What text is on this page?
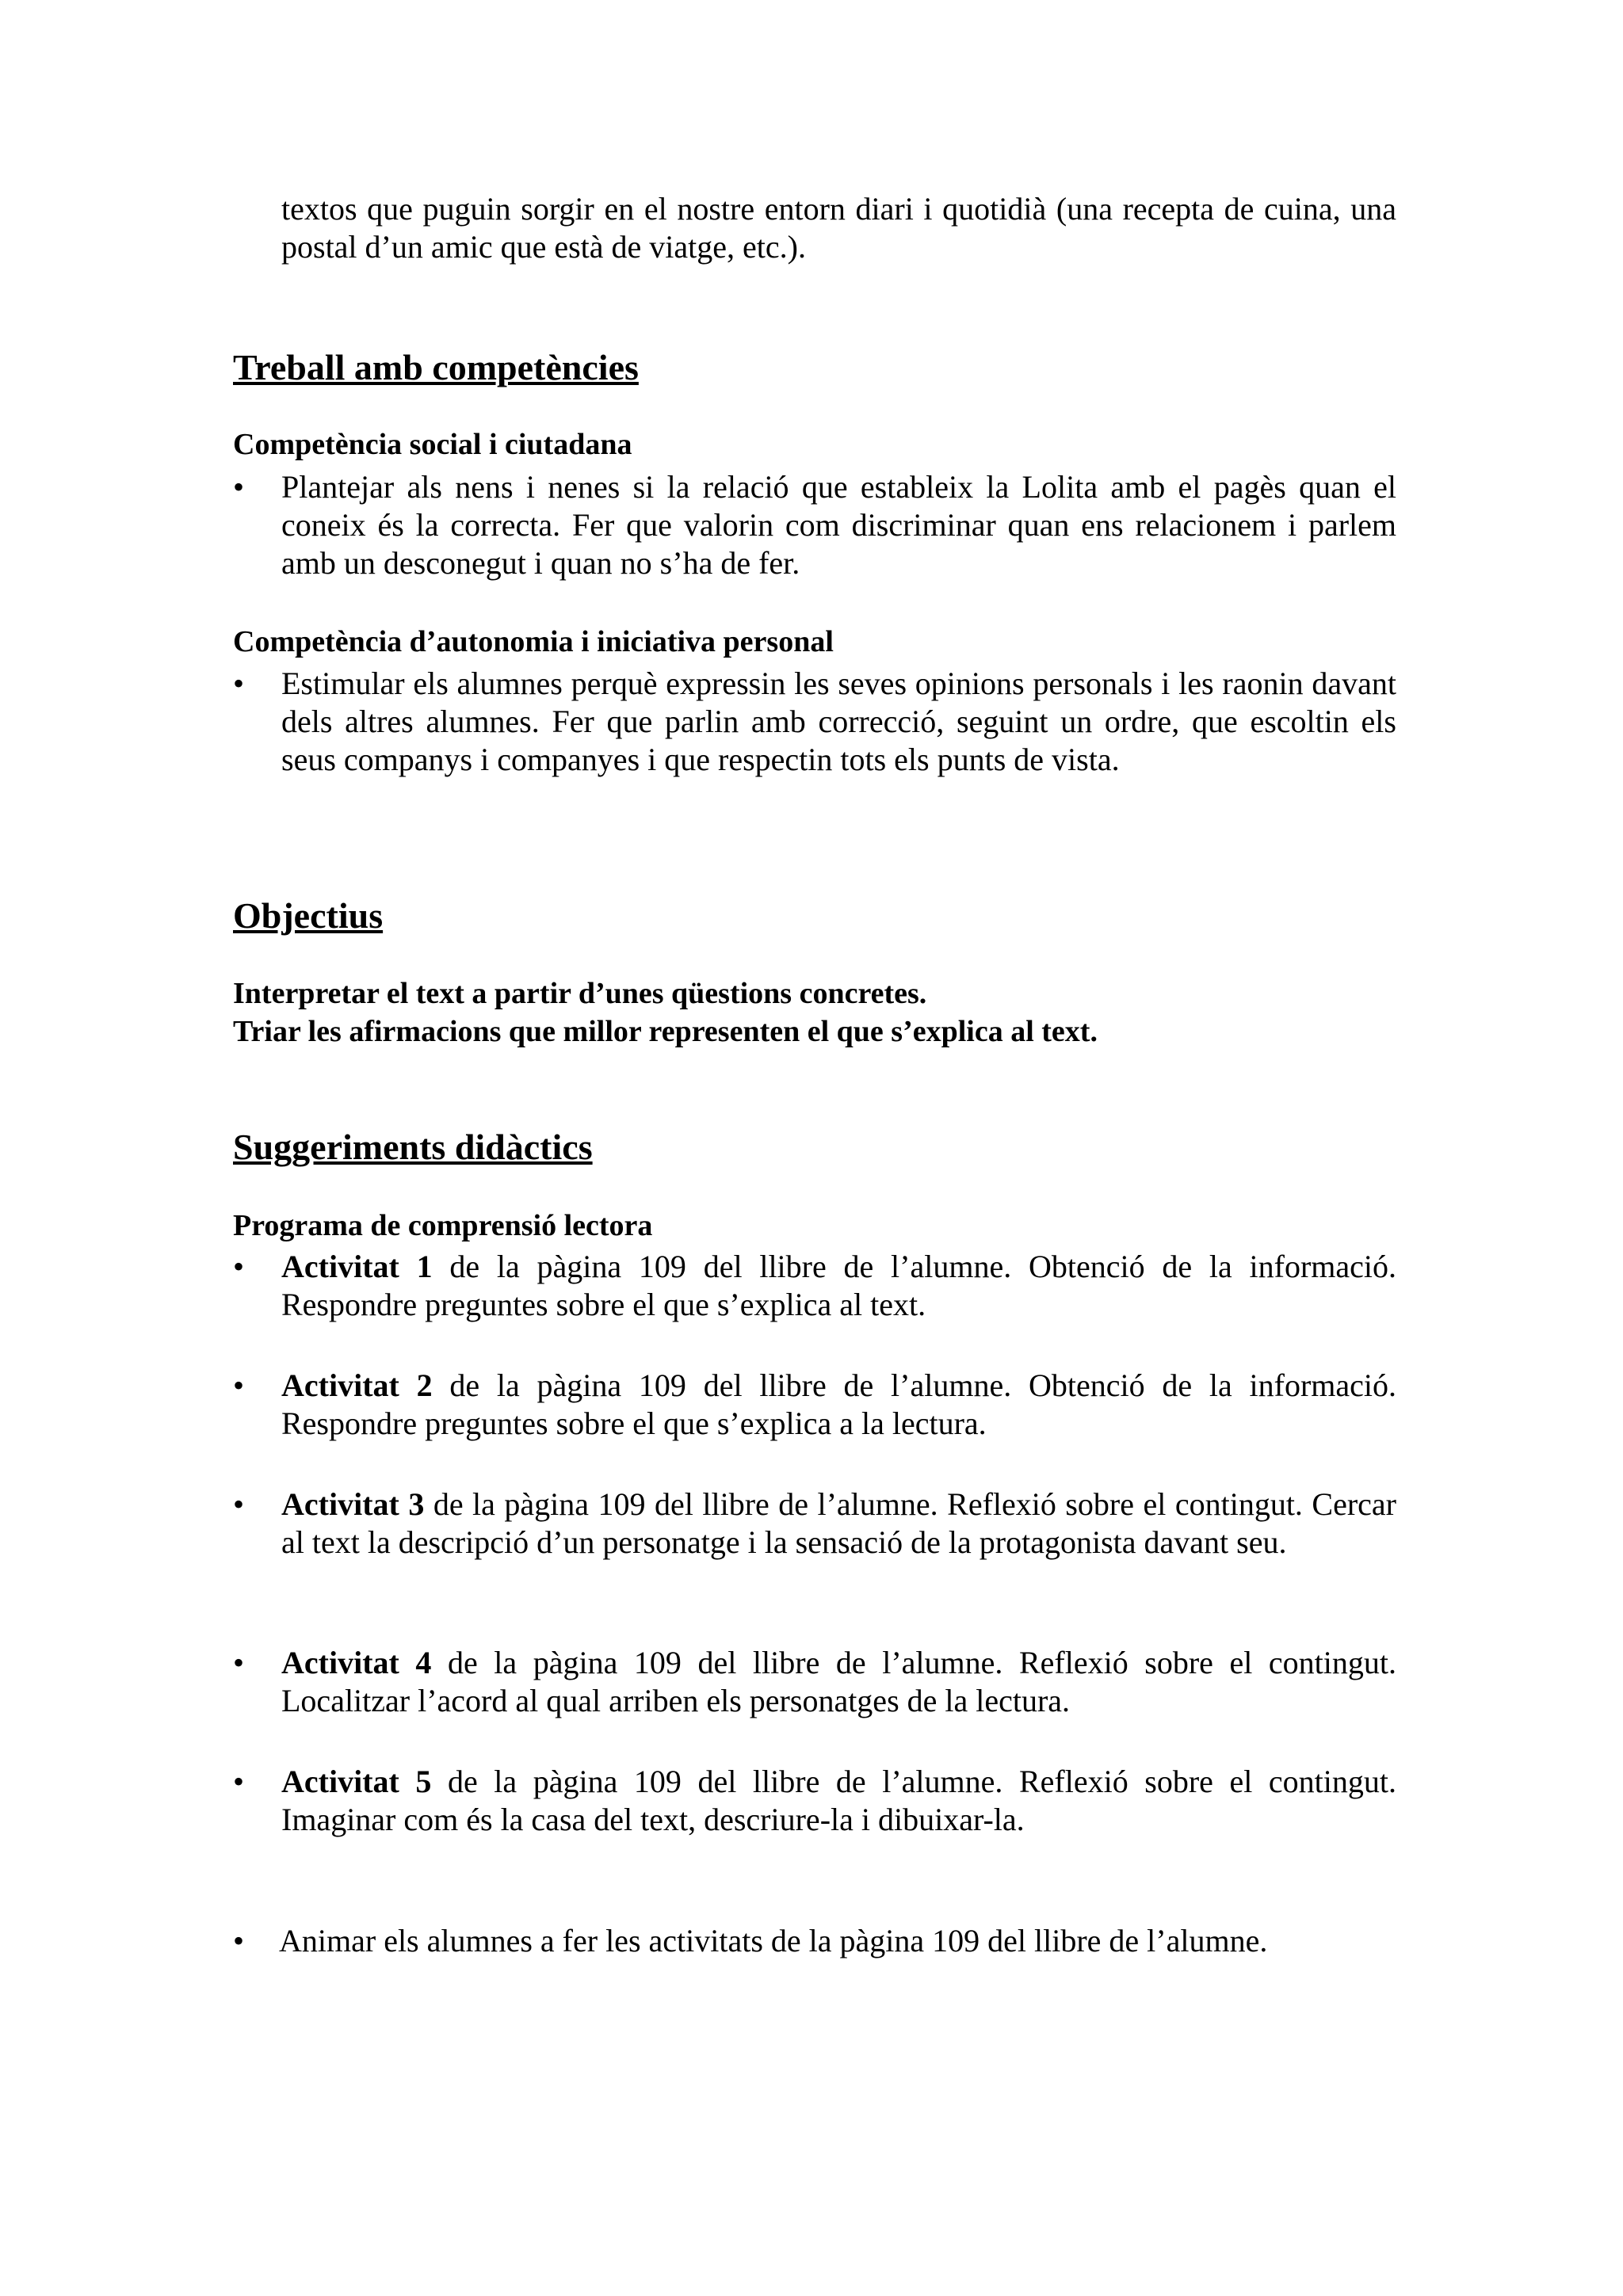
textos que puguin sorgir en el nostre entorn diari i quotidià (una recepta de cuina, una postal d’un amic que està de viatge, etc.).
Treball amb competències
Competència social i ciutadana
•	Plantejar als nens i nenes si la relació que estableix la Lolita amb el pagès quan el coneix és la correcta. Fer que valorin com discriminar quan ens relacionem i parlem amb un desconegut i quan no s’ha de fer.
Competència d’autonomia i iniciativa personal
•	Estimular els alumnes perquè expressin les seves opinions personals i les raonin davant dels altres alumnes. Fer que parlin amb correcció, seguint un ordre, que escoltin els seus companys i companyes i que respectin tots els punts de vista.
Objectius
Interpretar el text a partir d’unes qüestions concretes.
Triar les afirmacions que millor representen el que s’explica al text.
Suggeriments didàctics
Programa de comprensió lectora
•	Activitat 1 de la pàgina 109 del llibre de l’alumne. Obtenció de la informació. Respondre preguntes sobre el que s’explica al text.
•	Activitat 2 de la pàgina 109 del llibre de l’alumne. Obtenció de la informació. Respondre preguntes sobre el que s’explica a la lectura.
•	Activitat 3 de la pàgina 109 del llibre de l’alumne. Reflexió sobre el contingut. Cercar al text la descripció d’un personatge i la sensació de la protagonista davant seu.
•	Activitat 4 de la pàgina 109 del llibre de l’alumne. Reflexió sobre el contingut. Localitzar l’acord al qual arriben els personatges de la lectura.
•	Activitat 5 de la pàgina 109 del llibre de l’alumne. Reflexió sobre el contingut. Imaginar com és la casa del text, descriure-la i dibuixar-la.
•	Animar els alumnes a fer les activitats de la pàgina 109 del llibre de l’alumne.
